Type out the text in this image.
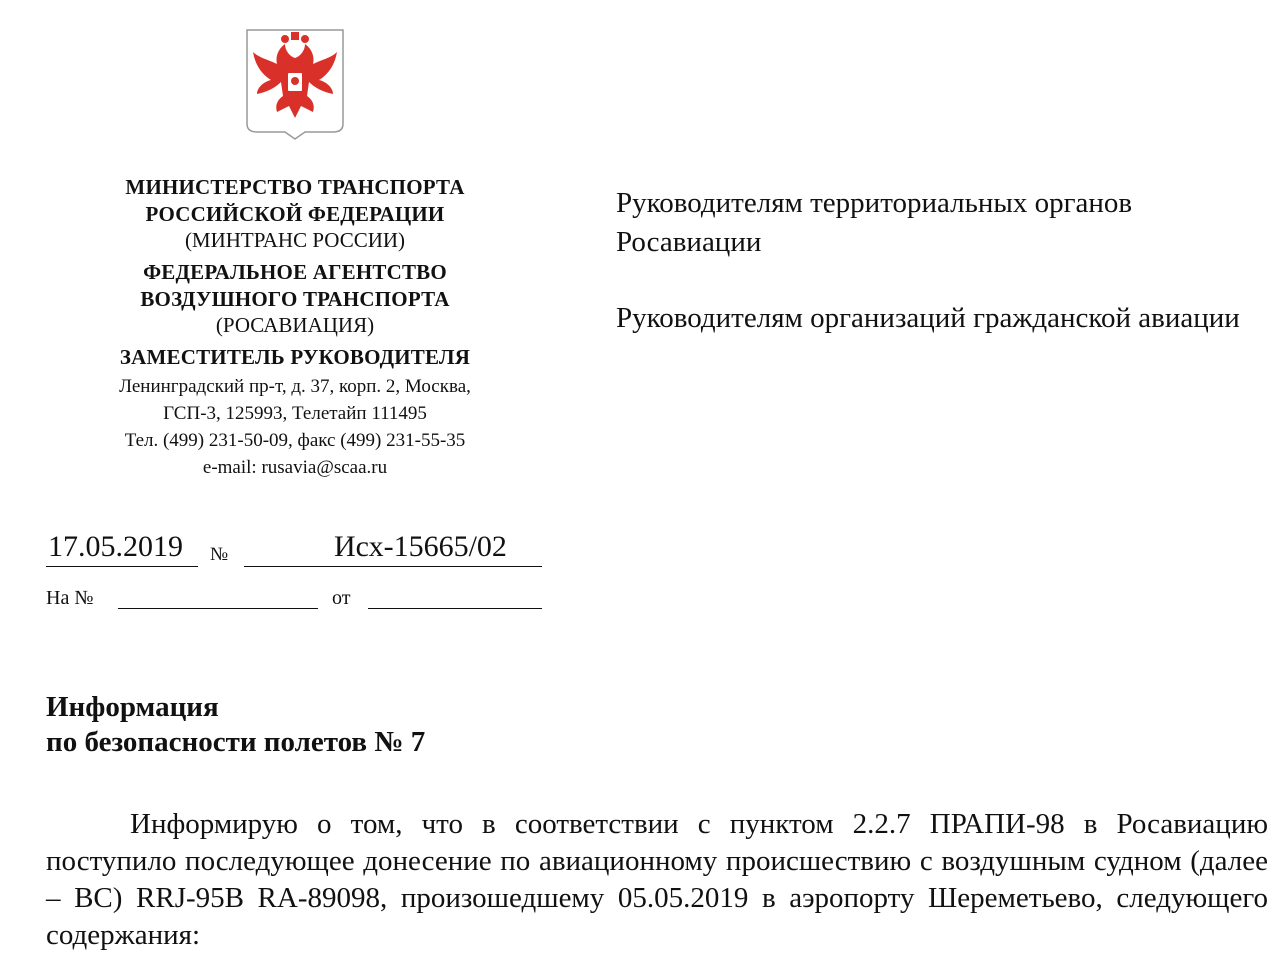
МИНИСТЕРСТВО ТРАНСПОРТА
РОССИЙСКОЙ ФЕДЕРАЦИИ
(МИНТРАНС РОССИИ)
ФЕДЕРАЛЬНОЕ АГЕНТСТВО
ВОЗДУШНОГО ТРАНСПОРТА
(РОСАВИАЦИЯ)
ЗАМЕСТИТЕЛЬ РУКОВОДИТЕЛЯ
Ленинградский пр-т, д. 37, корп. 2, Москва,
ГСП-3, 125993, Телетайп 111495
Тел. (499) 231-50-09, факс (499) 231-55-35
e-mail: rusavia@scaa.ru
17.05.2019 №	Исх-15665/02
На №	от

Руководителям территориальных органов Росавиации

Руководителям организаций гражданской авиации

Информация
по безопасности полетов № 7

Информирую о том, что в соответствии с пунктом 2.2.7 ПРАПИ-98 в Росавиацию поступило последующее донесение по авиационному происшествию с воздушным судном (далее – ВС) RRJ-95B RA-89098, произошедшему 05.05.2019 в аэропорту Шереметьево, следующего содержания:
